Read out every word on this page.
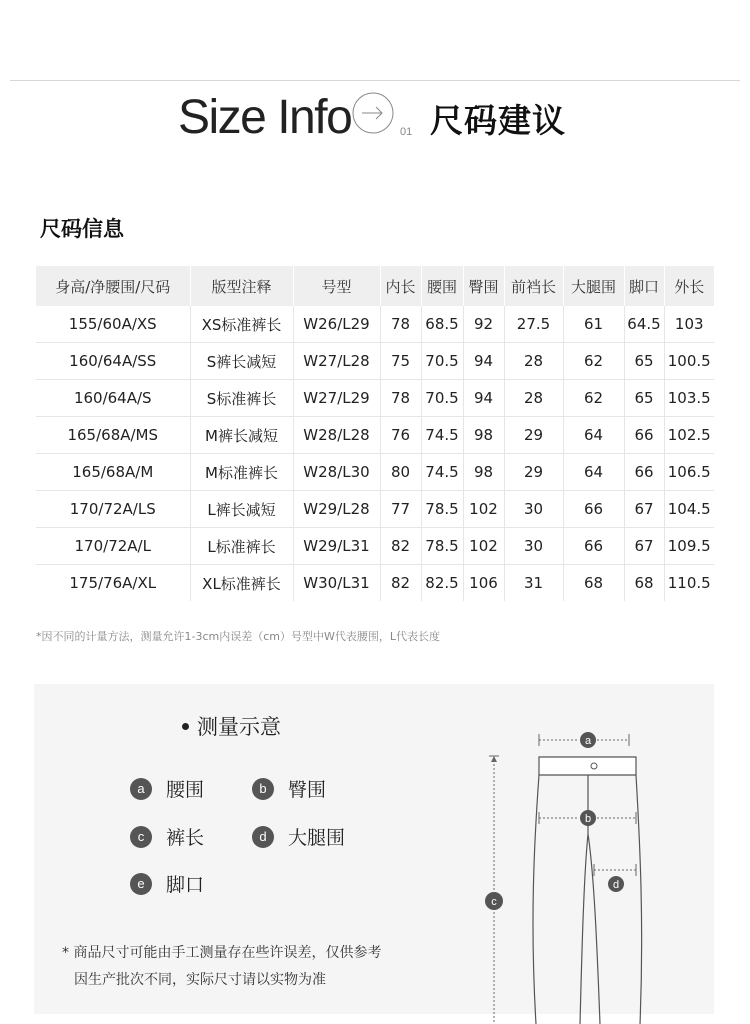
Size Info	01 尺码建议
尺码信息
身高/净腰围/尺码	版型注释	号型	内长	腰围	臀围	前裆长	大腿围	脚口	外长
155/60A/XS	XS标准裤长	W26/L29	78	68.5	92	27.5	61	64.5	103
160/64A/SS	S裤长减短	W27/L28	75	70.5	94	28	62	65	100.5
160/64A/S	S标准裤长	W27/L29	78	70.5	94	28	62	65	103.5
165/68A/MS	M裤长减短	W28/L28	76	74.5	98	29	64	66	102.5
165/68A/M	M标准裤长	W28/L30	80	74.5	98	29	64	66	106.5
170/72A/LS	L裤长减短	W29/L28	77	78.5	102	30	66	67	104.5
170/72A/L	L标准裤长	W29/L31	82	78.5	102	30	66	67	109.5
175/76A/XL	XL标准裤长	W30/L31	82	82.5	106	31	68	68	110.5
*因不同的计量方法，测量允许1-3cm内误差（cm）号型中W代表腰围，L代表长度
测量示意
a	腰围	b	臀围
c	裤长	d	大腿围
e	脚口
* 商品尺寸可能由手工测量存在些许误差，仅供参考
因生产批次不同，实际尺寸请以实物为准
a
b
d
c
